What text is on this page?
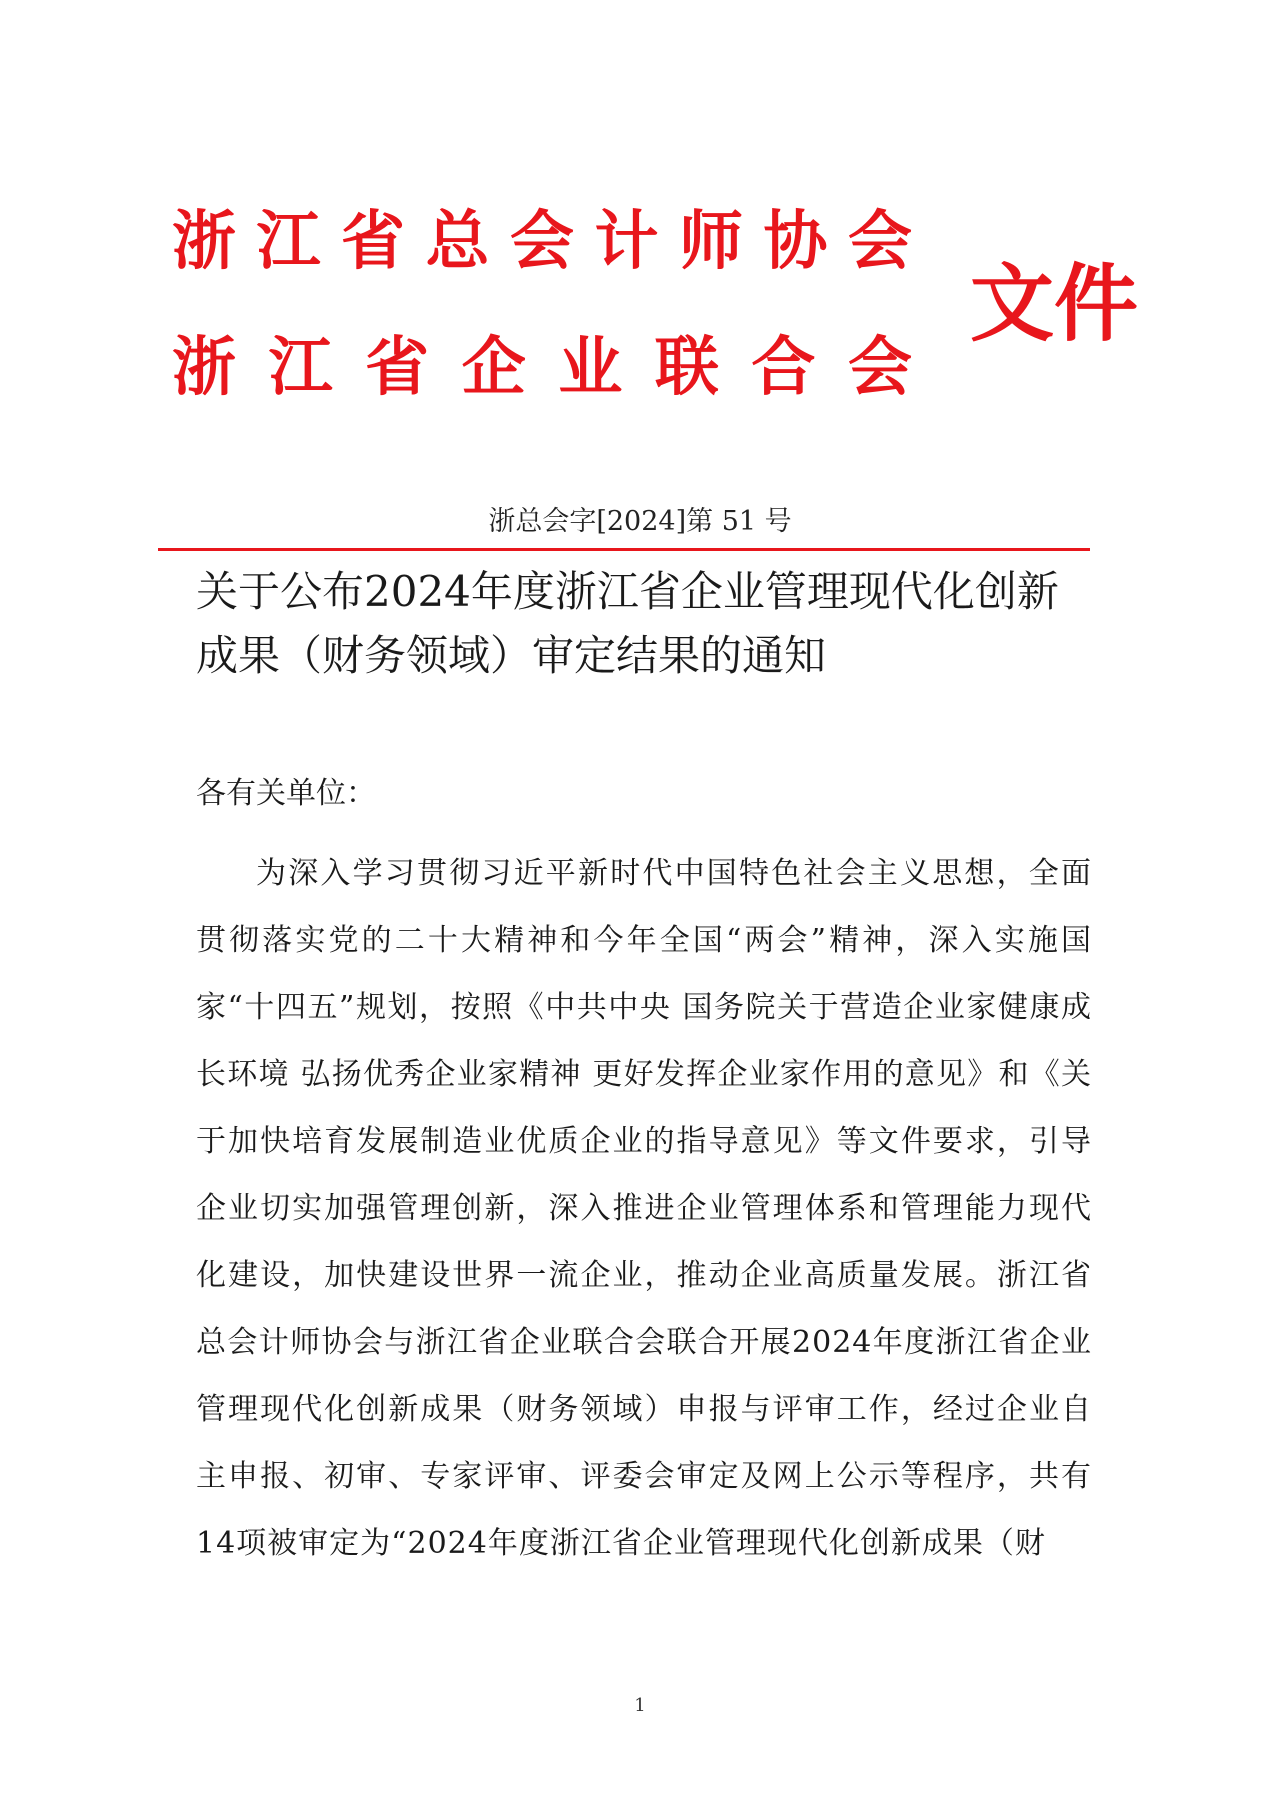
浙 江 省 总 会 计 师 协 会
浙 江 省 企 业 联 合 会
文件
浙总会字[2024]第 51 号
关于公布2024年度浙江省企业管理现代化创新成果（财务领域）审定结果的通知
各有关单位：

为深入学习贯彻习近平新时代中国特色社会主义思想，全面贯彻落实党的二十大精神和今年全国“两会”精神，深入实施国家“十四五”规划，按照《中共中央 国务院关于营造企业家健康成长环境 弘扬优秀企业家精神 更好发挥企业家作用的意见》和《关于加快培育发展制造业优质企业的指导意见》等文件要求，引导企业切实加强管理创新，深入推进企业管理体系和管理能力现代化建设，加快建设世界一流企业，推动企业高质量发展。浙江省总会计师协会与浙江省企业联合会联合开展2024年度浙江省企业管理现代化创新成果（财务领域）申报与评审工作，经过企业自主申报、初审、专家评审、评委会审定及网上公示等程序，共有14项被审定为“2024年度浙江省企业管理现代化创新成果（财

1
